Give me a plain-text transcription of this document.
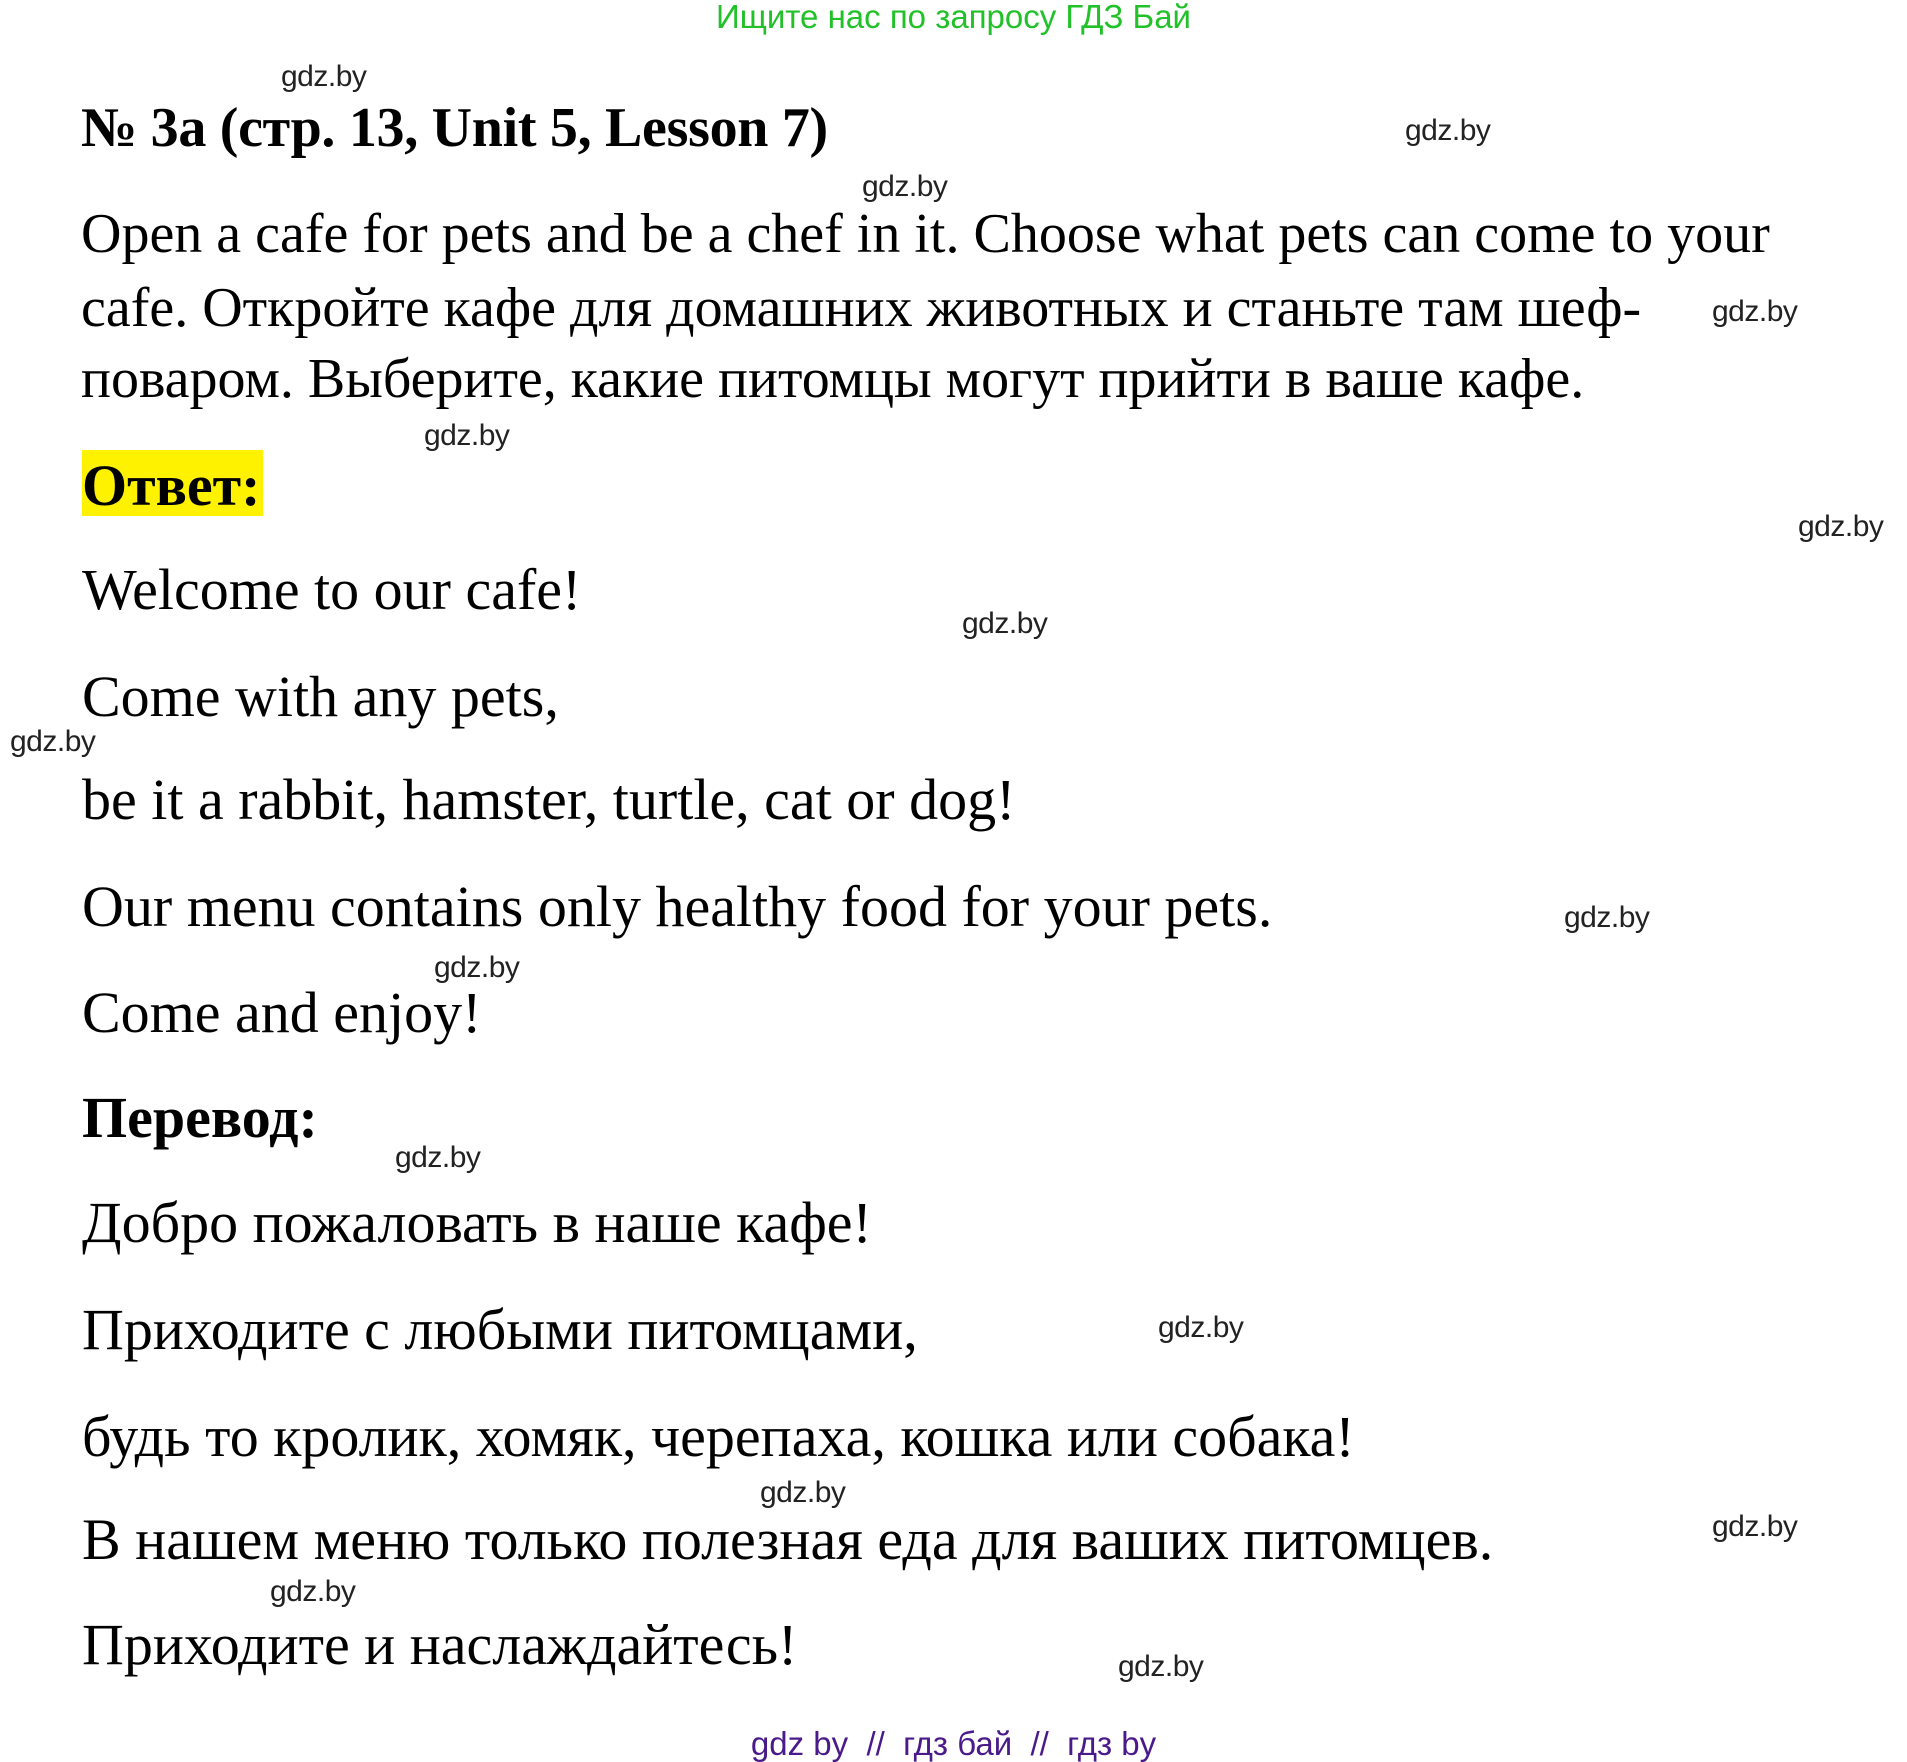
Ищите нас по запросу ГДЗ Бай
№ 3а (стр. 13, Unit 5, Lesson 7)
Open a cafe for pets and be a chef in it. Choose what pets can come to your
cafe. Откройте кафе для домашних животных и станьте там шеф-
поваром. Выберите, какие питомцы могут прийти в ваше кафе.
Ответ:
Welcome to our cafe!
Come with any pets,
be it a rabbit, hamster, turtle, cat or dog!
Our menu contains only healthy food for your pets.
Come and enjoy!
Перевод:
Добро пожаловать в наше кафе!
Приходите с любыми питомцами,
будь то кролик, хомяк, черепаха, кошка или собака!
В нашем меню только полезная еда для ваших питомцев.
Приходите и наслаждайтесь!
gdz.by
gdz.by
gdz.by
gdz.by
gdz.by
gdz.by
gdz.by
gdz.by
gdz.by
gdz.by
gdz.by
gdz.by
gdz.by
gdz.by
gdz.by
gdz.by
gdz by  //  гдз бай  //  гдз by
